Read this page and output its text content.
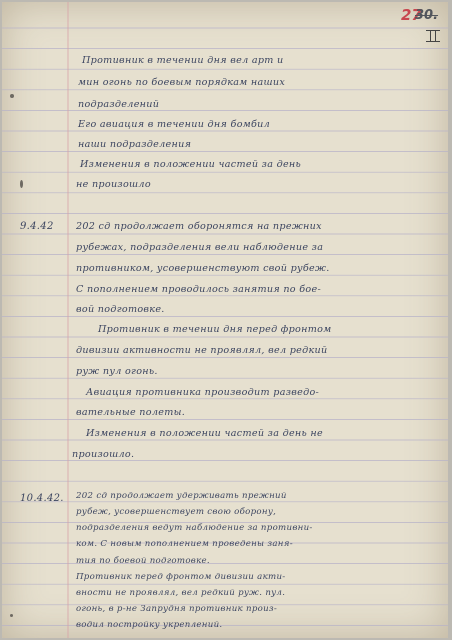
27
30.
Противник в течении дня вел арт и
мин огонь по боевым порядкам наших
подразделений
Его авиация в течении дня бомбил
наши подразделения
Изменения в положении частей за день
не произошло
9.4.42 202 сд продолжает оборонятся на прежних
рубежах, подразделения вели наблюдение за
противником, усовершенствуют свой рубеж.
С пополнением проводилось занятия по бое-
вой подготовке.
Противник в течении дня перед фронтом
дивизии активности не проявлял, вел редкий
руж пул огонь.
Авиация противника производит разведо-
вательные полеты.
Изменения в положении частей за день не
произошло.
10.4.42. 202 сд продолжает удерживать прежний
рубеж, усовершенствует свою оборону,
подразделения ведут наблюдение за противни-
ком. С новым пополнением проведены заня-
тия по боевой подготовке.
Противник перед фронтом дивизии акти-
вности не проявлял, вел редкий руж. пул.
огонь, в р-не Запрудня противник произ-
водил постройку укреплений.
